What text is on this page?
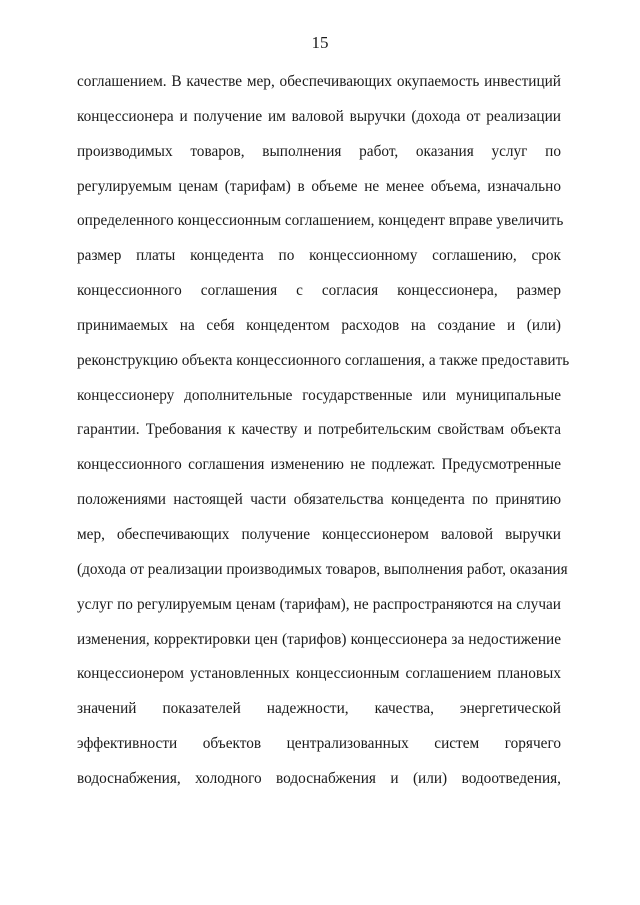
15
соглашением. В качестве мер, обеспечивающих окупаемость инвестиций
концессионера и получение им валовой выручки (дохода от реализации
производимых товаров, выполнения работ, оказания услуг по
регулируемым ценам (тарифам) в объеме не менее объема, изначально
определенного концессионным соглашением, концедент вправе увеличить
размер платы концедента по концессионному соглашению, срок
концессионного соглашения с согласия концессионера, размер
принимаемых на себя концедентом расходов на создание и (или)
реконструкцию объекта концессионного соглашения, а также предоставить
концессионеру дополнительные государственные или муниципальные
гарантии. Требования к качеству и потребительским свойствам объекта
концессионного соглашения изменению не подлежат. Предусмотренные
положениями настоящей части обязательства концедента по принятию
мер, обеспечивающих получение концессионером валовой выручки
(дохода от реализации производимых товаров, выполнения работ, оказания
услуг по регулируемым ценам (тарифам), не распространяются на случаи
изменения, корректировки цен (тарифов) концессионера за недостижение
концессионером установленных концессионным соглашением плановых
значений показателей надежности, качества, энергетической
эффективности объектов централизованных систем горячего
водоснабжения, холодного водоснабжения и (или) водоотведения,
